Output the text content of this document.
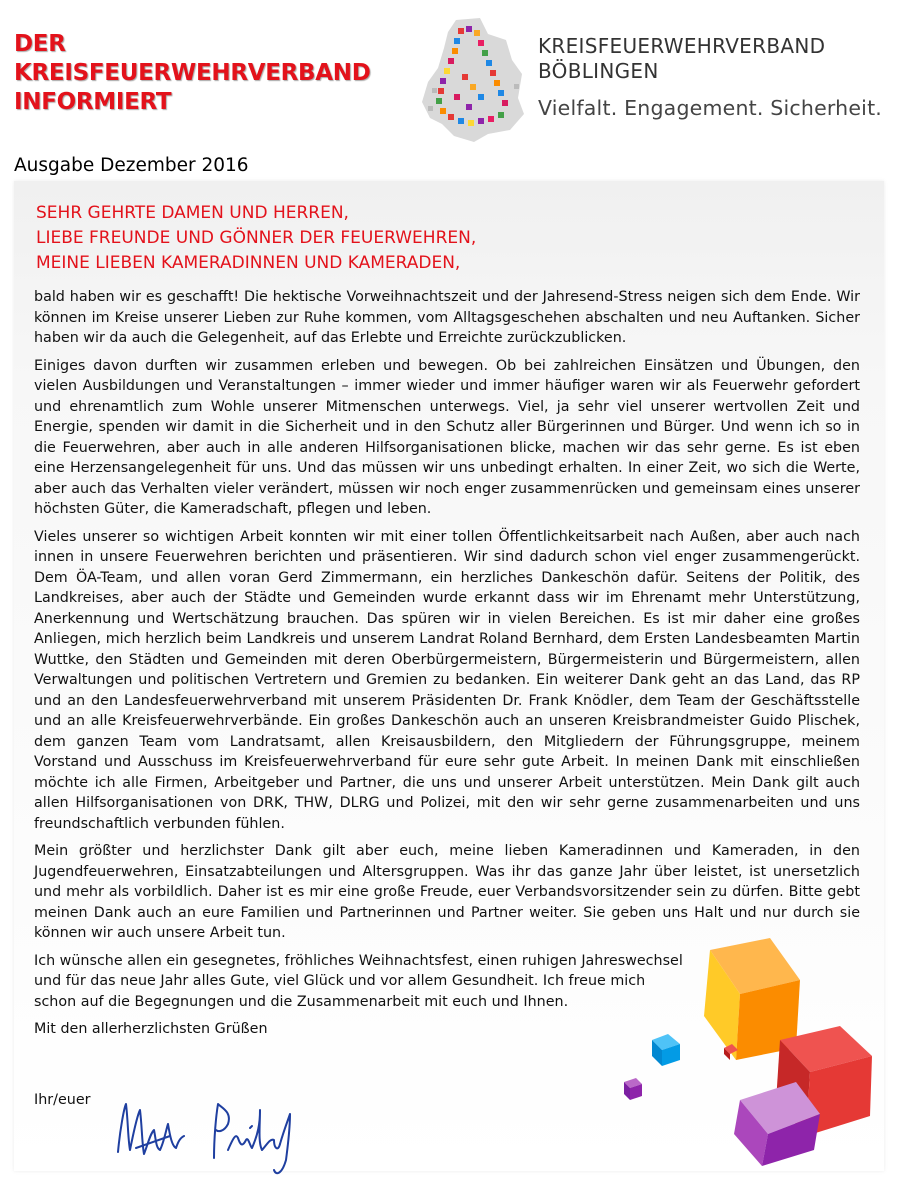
DER
KREISFEUERWEHRVERBAND
INFORMIERT
KREISFEUERWEHRVERBAND
BÖBLINGEN
Vielfalt. Engagement. Sicherheit.
Ausgabe Dezember 2016
SEHR GEHRTE DAMEN UND HERREN,
LIEBE FREUNDE UND GÖNNER DER FEUERWEHREN,
MEINE LIEBEN KAMERADINNEN UND KAMERADEN,

bald haben wir es geschafft! Die hektische Vorweihnachtszeit und der Jahresend-Stress neigen sich dem Ende. Wir können im Kreise unserer Lieben zur Ruhe kommen, vom Alltagsgeschehen abschalten und neu Auftanken. Sicher haben wir da auch die Gelegenheit, auf das Erlebte und Erreichte zurückzublicken.

Einiges davon durften wir zusammen erleben und bewegen. Ob bei zahlreichen Einsätzen und Übungen, den vielen Ausbildungen und Veranstaltungen – immer wieder und immer häufiger waren wir als Feuerwehr gefordert und ehrenamtlich zum Wohle unserer Mitmenschen unterwegs. Viel, ja sehr viel unserer wertvollen Zeit und Energie, spenden wir damit in die Sicherheit und in den Schutz aller Bürgerinnen und Bürger. Und wenn ich so in die Feuerwehren, aber auch in alle anderen Hilfsorganisationen blicke, machen wir das sehr gerne. Es ist eben eine Herzensangelegenheit für uns. Und das müssen wir uns unbedingt erhalten. In einer Zeit, wo sich die Werte, aber auch das Verhalten vieler verändert, müssen wir noch enger zusammenrücken und gemeinsam eines unserer höchsten Güter, die Kameradschaft, pflegen und leben.

Vieles unserer so wichtigen Arbeit konnten wir mit einer tollen Öffentlichkeitsarbeit nach Außen, aber auch nach innen in unsere Feuerwehren berichten und präsentieren. Wir sind dadurch schon viel enger zusammengerückt. Dem ÖA-Team, und allen voran Gerd Zimmermann, ein herzliches Dankeschön dafür. Seitens der Politik, des Landkreises, aber auch der Städte und Gemeinden wurde erkannt dass wir im Ehrenamt mehr Unterstützung, Anerkennung und Wertschätzung brauchen. Das spüren wir in vielen Bereichen. Es ist mir daher eine großes Anliegen, mich herzlich beim Landkreis und unserem Landrat Roland Bernhard, dem Ersten Landesbeamten Martin Wuttke, den Städten und Gemeinden mit deren Oberbürgermeistern, Bürgermeisterin und Bürgermeistern, allen Verwaltungen und politischen Vertretern und Gremien zu bedanken. Ein weiterer Dank geht an das Land, das RP und an den Landesfeuerwehrverband mit unserem Präsidenten Dr. Frank Knödler, dem Team der Geschäftsstelle und an alle Kreisfeuerwehrverbände. Ein großes Dankeschön auch an unseren Kreisbrandmeister Guido Plischek, dem ganzen Team vom Landratsamt, allen Kreisausbildern, den Mitgliedern der Führungsgruppe, meinem Vorstand und Ausschuss im Kreisfeuerwehrverband für eure sehr gute Arbeit. In meinen Dank mit einschließen möchte ich alle Firmen, Arbeitgeber und Partner, die uns und unserer Arbeit unterstützen. Mein Dank gilt auch allen Hilfsorganisationen von DRK, THW, DLRG und Polizei, mit den wir sehr gerne zusammenarbeiten und uns freundschaftlich verbunden fühlen.

Mein größter und herzlichster Dank gilt aber euch, meine lieben Kameradinnen und Kameraden, in den Jugendfeuerwehren, Einsatzabteilungen und Altersgruppen. Was ihr das ganze Jahr über leistet, ist unersetzlich und mehr als vorbildlich. Daher ist es mir eine große Freude, euer Verbandsvorsitzender sein zu dürfen. Bitte gebt meinen Dank auch an eure Familien und Partnerinnen und Partner weiter. Sie geben uns Halt und nur durch sie können wir auch unsere Arbeit tun.

Ich wünsche allen ein gesegnetes, fröhliches Weihnachtsfest, einen ruhigen Jahreswechsel und für das neue Jahr alles Gute, viel Glück und vor allem Gesundheit. Ich freue mich schon auf die Begegnungen und die Zusammenarbeit mit euch und Ihnen.

Mit den allerherzlichsten Grüßen

Ihr/euer
